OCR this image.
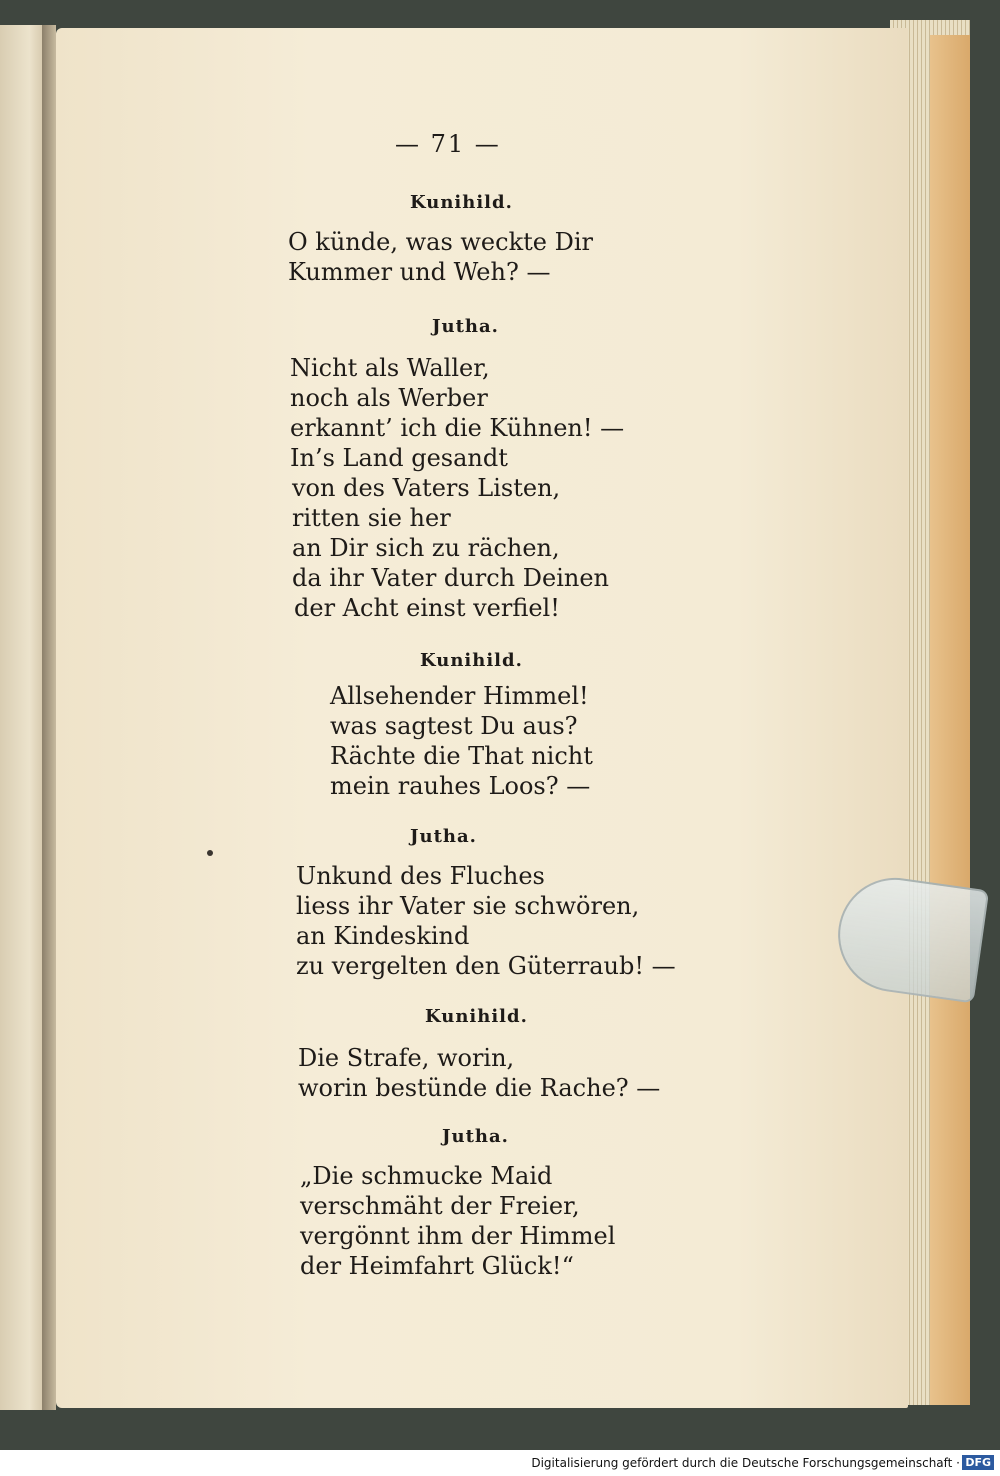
— 71 —
Kunihild.
O künde, was weckte Dir
Kummer und Weh? —
Jutha.
Nicht als Waller,
noch als Werber
erkannt’ ich die Kühnen! —
In’s Land gesandt
von des Vaters Listen,
ritten sie her
an Dir sich zu rächen,
da ihr Vater durch Deinen
der Acht einst verfiel!
Kunihild.
Allsehender Himmel!
was sagtest Du aus?
Rächte die That nicht
mein rauhes Loos? —
Jutha.
Unkund des Fluches
liess ihr Vater sie schwören,
an Kindeskind
zu vergelten den Güterraub! —
Kunihild.
Die Strafe, worin,
worin bestünde die Rache? —
Jutha.
„Die schmucke Maid
verschmäht der Freier,
vergönnt ihm der Himmel
der Heimfahrt Glück!“
Digitalisierung gefördert durch die Deutsche Forschungsgemeinschaft · DFG
